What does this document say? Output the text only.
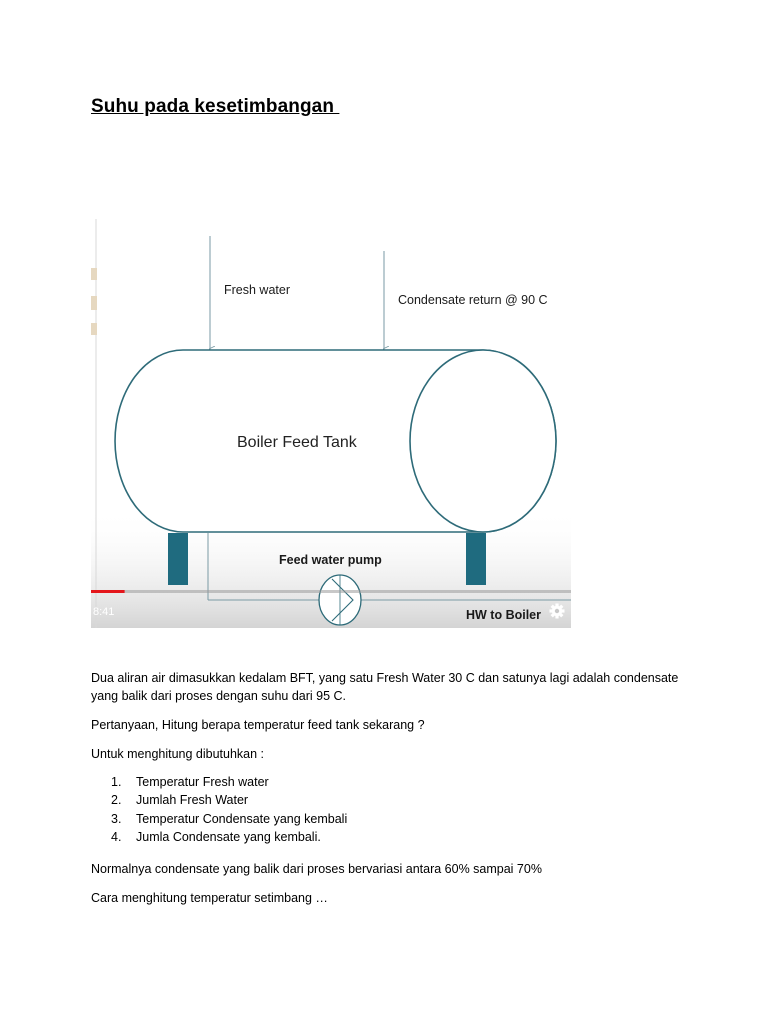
Suhu pada kesetimbangan
Fresh water
Condensate return @ 90 C
Boiler Feed Tank
Feed water pump
HW to Boiler
8:41
Dua aliran air dimasukkan kedalam BFT, yang satu Fresh Water 30 C dan satunya lagi adalah condensate yang balik dari proses dengan suhu dari 95 C.
Pertanyaan, Hitung berapa temperatur feed tank sekarang ?
Untuk menghitung dibutuhkan :
1. Temperatur Fresh water
2. Jumlah Fresh Water
3. Temperatur Condensate yang kembali
4. Jumla Condensate yang kembali.
Normalnya condensate yang balik dari proses bervariasi antara 60% sampai 70%
Cara menghitung temperatur setimbang …
